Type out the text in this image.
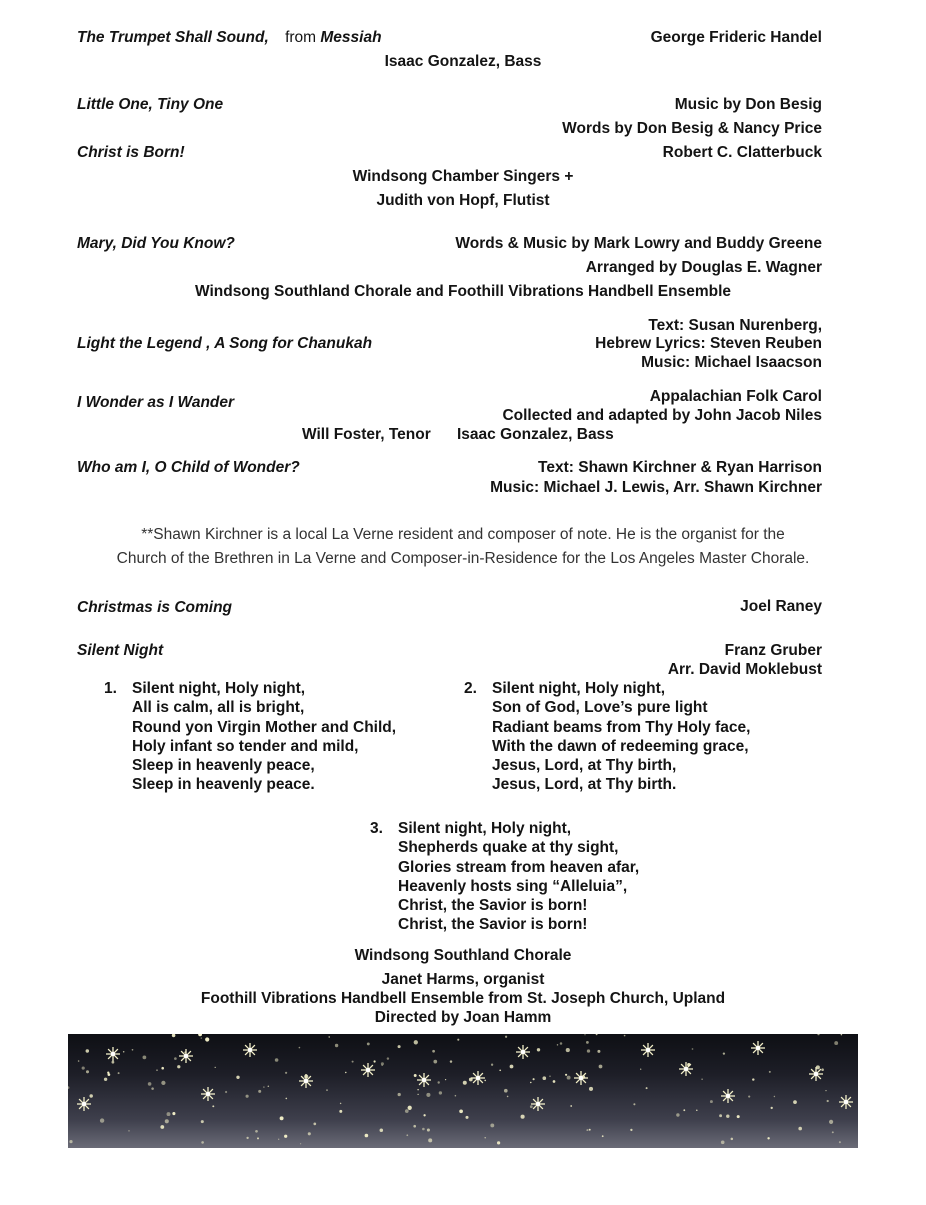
The Trumpet Shall Sound, from Messiah	George Frideric Handel
Isaac Gonzalez, Bass
Little One, Tiny One	Music by Don Besig
Words by Don Besig & Nancy Price
Christ is Born!	Robert C. Clatterbuck
Windsong Chamber Singers +
Judith von Hopf, Flutist
Mary, Did You Know?	Words & Music by Mark Lowry and Buddy Greene
Arranged by Douglas E. Wagner
Windsong Southland Chorale and Foothill Vibrations Handbell Ensemble
Light the Legend , A Song for Chanukah
Text: Susan Nurenberg,
Hebrew Lyrics: Steven Reuben
Music: Michael Isaacson
I Wonder as I Wander	Appalachian Folk Carol
Collected and adapted by John Jacob Niles
Will Foster, Tenor Isaac Gonzalez, Bass
Who am I, O Child of Wonder?	Text: Shawn Kirchner & Ryan Harrison
Music: Michael J. Lewis, Arr. Shawn Kirchner
**Shawn Kirchner is a local La Verne resident and composer of note. He is the organist for the
Church of the Brethren in La Verne and Composer-in-Residence for the Los Angeles Master Chorale.
Christmas is Coming	Joel Raney
Silent Night	Franz Gruber
Arr. David Moklebust
1. Silent night, Holy night,
All is calm, all is bright,
Round yon Virgin Mother and Child,
Holy infant so tender and mild,
Sleep in heavenly peace,
Sleep in heavenly peace.
2. Silent night, Holy night,
Son of God, Love’s pure light
Radiant beams from Thy Holy face,
With the dawn of redeeming grace,
Jesus, Lord, at Thy birth,
Jesus, Lord, at Thy birth.
3. Silent night, Holy night,
Shepherds quake at thy sight,
Glories stream from heaven afar,
Heavenly hosts sing “Alleluia”,
Christ, the Savior is born!
Christ, the Savior is born!
Windsong Southland Chorale
Janet Harms, organist
Foothill Vibrations Handbell Ensemble from St. Joseph Church, Upland
Directed by Joan Hamm
